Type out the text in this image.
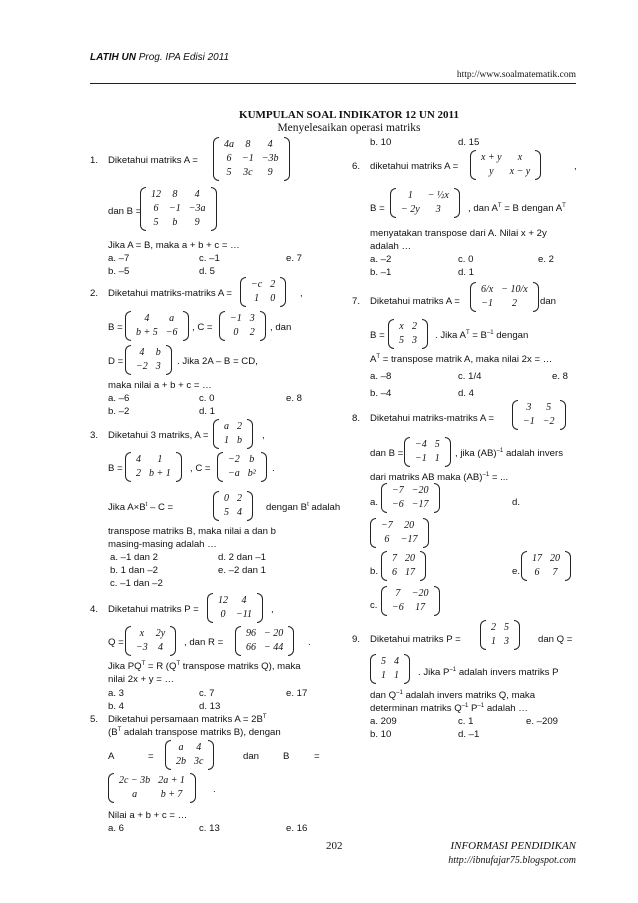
LATIH UN Prog. IPA Edisi 2011
http://www.soalmatematik.com
KUMPULAN SOAL INDIKATOR 12 UN 2011
Menyelesaikan operasi matriks
1. Diketahui matriks A =
4a	8	4
6	−1	−3b
5	3c	9
dan B =
12	8	4
6	−1	−3a
5	b	9
Jika A = B, maka a + b + c = …
a. –7	c. –1	e. 7
b. –5	d. 5
2. Diketahui matriks-matriks A =
−c	2
1	0	,
B =
4	a
b + 5	−6 , C =
−1	3
0	2 , dan
D =
4	b
−2	3 . Jika 2A – B = CD,
maka nilai a + b + c = …
a. –6	c. 0	e. 8
b. –2	d. 1
3. Diketahui 3 matriks, A =
a	2
1	b ,
B =
4	1
2	b + 1 , C =
−2	b
−a	b² .
Jika $A\times B^t - C$ =
0	2
5	4	dengan $B^t$ adalah
transpose matriks B, maka nilai a dan b
masing-masing adalah …
a. –1 dan 2	d. 2 dan –1
b. 1 dan –2	e. –2 dan 1
c. –1 dan –2
4. Diketahui matriks P =
12	4
0	−11 ,
Q =
x	2y
−3	4 , dan R =
96	− 20
66	− 44	.
Jika $PQ^T = R$ ($Q^T$ transpose matriks Q), maka
nilai 2x + y = …
a. 3	c. 7	e. 17
b. 4	d. 13
5. Diketahui persamaan matriks $A = 2B^T$
($B^T$ adalah transpose matriks B), dengan
A	=
a	4
2b	3c	dan B	=
2c − 3b	2a + 1
a	b + 7	.
Nilai a + b + c = …
a. 6	c. 13	e. 16
b. 10	d. 15
6. diketahui matriks A =
x + y	x
y	x − y	,
B =
1	− ½x
− 2y	3	, dan $A^T = B$ dengan $A^T$
menyatakan transpose dari A. Nilai x + 2y
adalah …
a. –2	c. 0	e. 2
b. –1	d. 1
7. Diketahui matriks A =
6/x	− 10/x
−1	2 dan
B =
x	2
5	3 . Jika $A^T = B^{-1}$ dengan
$A^T$ = transpose matrik A, maka nilai 2x = …
a. –8	c. 1/4	e. 8
b. –4	d. 4
8. Diketahui matriks-matriks A =
3	5
−1	−2
dan B =
−4	5
−1	1 , jika (AB)$^{-1}$ adalah invers
dari matriks AB maka (AB)$^{-1}$ = ...
a.
−7	−20
−6	−17	d.
−7	20
6	−17
b.
7	20
6	17	e.
17	20
6	7
c.
7	−20
−6	17
9. Diketahui matriks P =
2	5
1	3	dan Q =
5	4
1	1 . Jika $P^{-1}$ adalah invers matriks P
dan $Q^{-1}$ adalah invers matriks Q, maka
determinan matriks $Q^{-1}$ $P^{-1}$ adalah …
a. 209	c. 1	e. –209
b. 10	d. –1
202	INFORMASI PENDIDIKAN
http://ibnufajar75.blogspot.com
